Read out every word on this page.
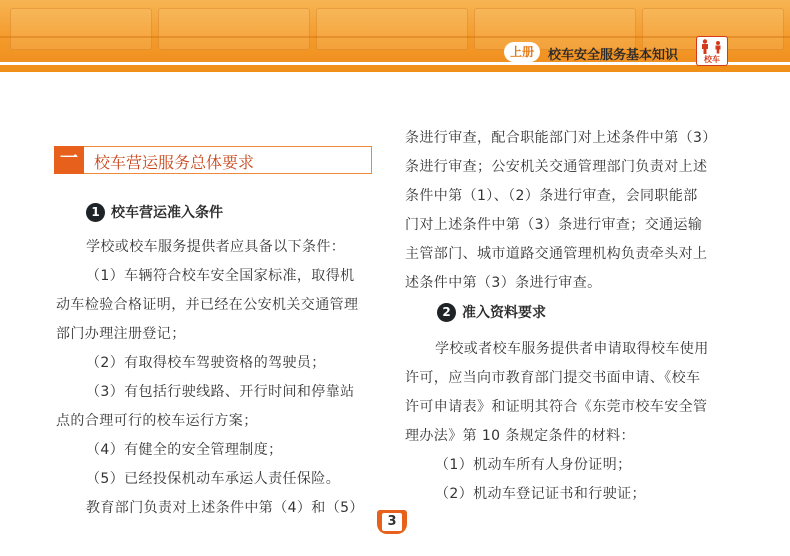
上册	校车安全服务基本知识	校车
一	校车营运服务总体要求
1 校车营运准入条件
学校或校车服务提供者应具备以下条件：
（1）车辆符合校车安全国家标准，取得机
动车检验合格证明，并已经在公安机关交通管理
部门办理注册登记；
（2）有取得校车驾驶资格的驾驶员；
（3）有包括行驶线路、开行时间和停靠站
点的合理可行的校车运行方案；
（4）有健全的安全管理制度；
（5）已经投保机动车承运人责任保险。
教育部门负责对上述条件中第（4）和（5）
条进行审查，配合职能部门对上述条件中第（3）
条进行审查；公安机关交通管理部门负责对上述
条件中第（1）、（2）条进行审查，会同职能部
门对上述条件中第（3）条进行审查；交通运输
主管部门、城市道路交通管理机构负责牵头对上
述条件中第（3）条进行审查。
2 准入资料要求
学校或者校车服务提供者申请取得校车使用
许可，应当向市教育部门提交书面申请、《校车
许可申请表》和证明其符合《东莞市校车安全管
理办法》第 10 条规定条件的材料：
（1）机动车所有人身份证明；
（2）机动车登记证书和行驶证；
3
